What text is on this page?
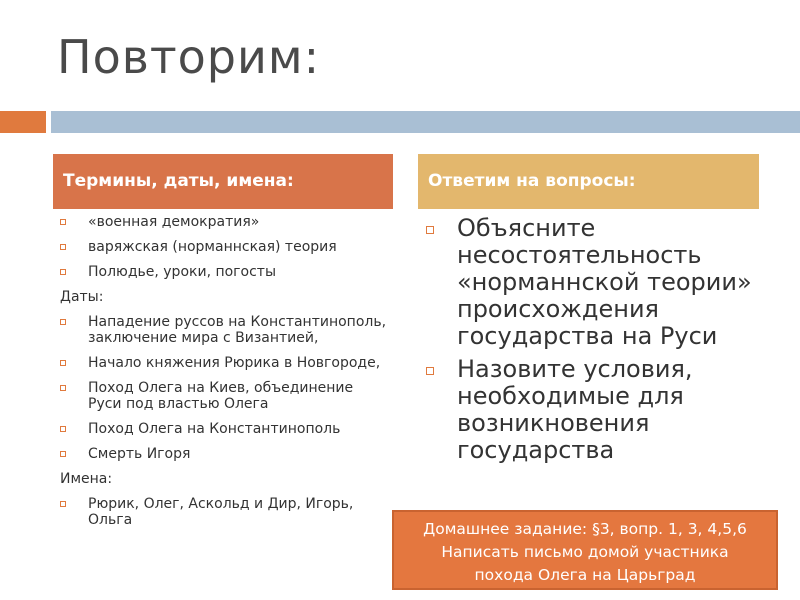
Повторим:
Термины, даты, имена:	Ответим на вопросы:
«военная демократия»
варяжская (норманнская) теория
Полюдье, уроки, погосты
Даты:
Нападение руссов на Константинополь, заключение мира с Византией,
Начало княжения Рюрика в Новгороде,
Поход Олега на Киев, объединение Руси под властью Олега
Поход Олега на Константинополь
Смерть Игоря
Имена:
Рюрик, Олег, Аскольд и Дир, Игорь, Ольга
Объясните несостоятельность «норманнской теории» происхождения государства на Руси
Назовите условия, необходимые для возникновения государства
Домашнее задание: §3, вопр. 1, 3, 4,5,6
Написать письмо домой участника
похода Олега на Царьград
